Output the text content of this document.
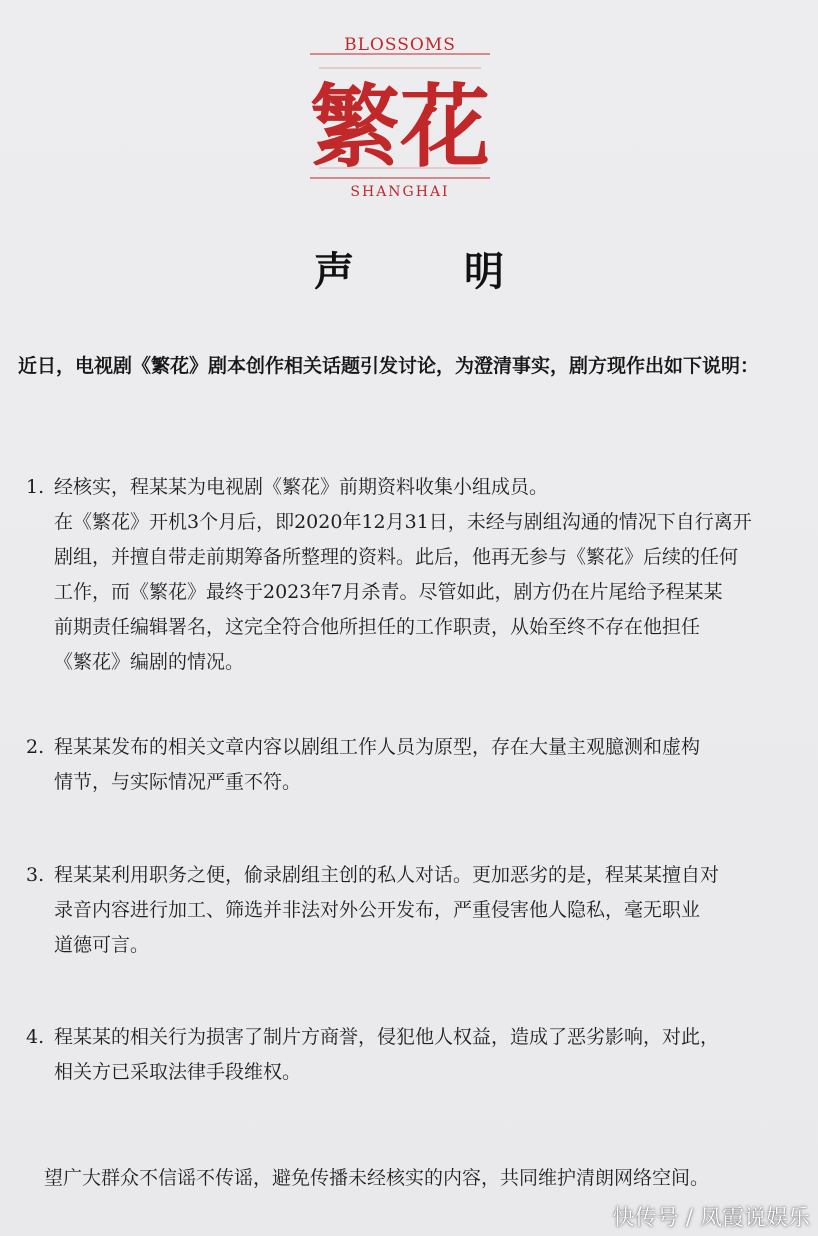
BLOSSOMS
繁花
SHANGHAI
声 明
近日，电视剧《繁花》剧本创作相关话题引发讨论，为澄清事实，剧方现作出如下说明：
1. 经核实，程某某为电视剧《繁花》前期资料收集小组成员。
在《繁花》开机3个月后，即2020年12月31日，未经与剧组沟通的情况下自行离开
剧组，并擅自带走前期筹备所整理的资料。此后，他再无参与《繁花》后续的任何
工作，而《繁花》最终于2023年7月杀青。尽管如此，剧方仍在片尾给予程某某
前期责任编辑署名，这完全符合他所担任的工作职责，从始至终不存在他担任
《繁花》编剧的情况。
2. 程某某发布的相关文章内容以剧组工作人员为原型，存在大量主观臆测和虚构
情节，与实际情况严重不符。
3. 程某某利用职务之便，偷录剧组主创的私人对话。更加恶劣的是，程某某擅自对
录音内容进行加工、筛选并非法对外公开发布，严重侵害他人隐私，毫无职业
道德可言。
4. 程某某的相关行为损害了制片方商誉，侵犯他人权益，造成了恶劣影响，对此，
相关方已采取法律手段维权。
望广大群众不信谣不传谣，避免传播未经核实的内容，共同维护清朗网络空间。
快传号 / 凤霞说娱乐
